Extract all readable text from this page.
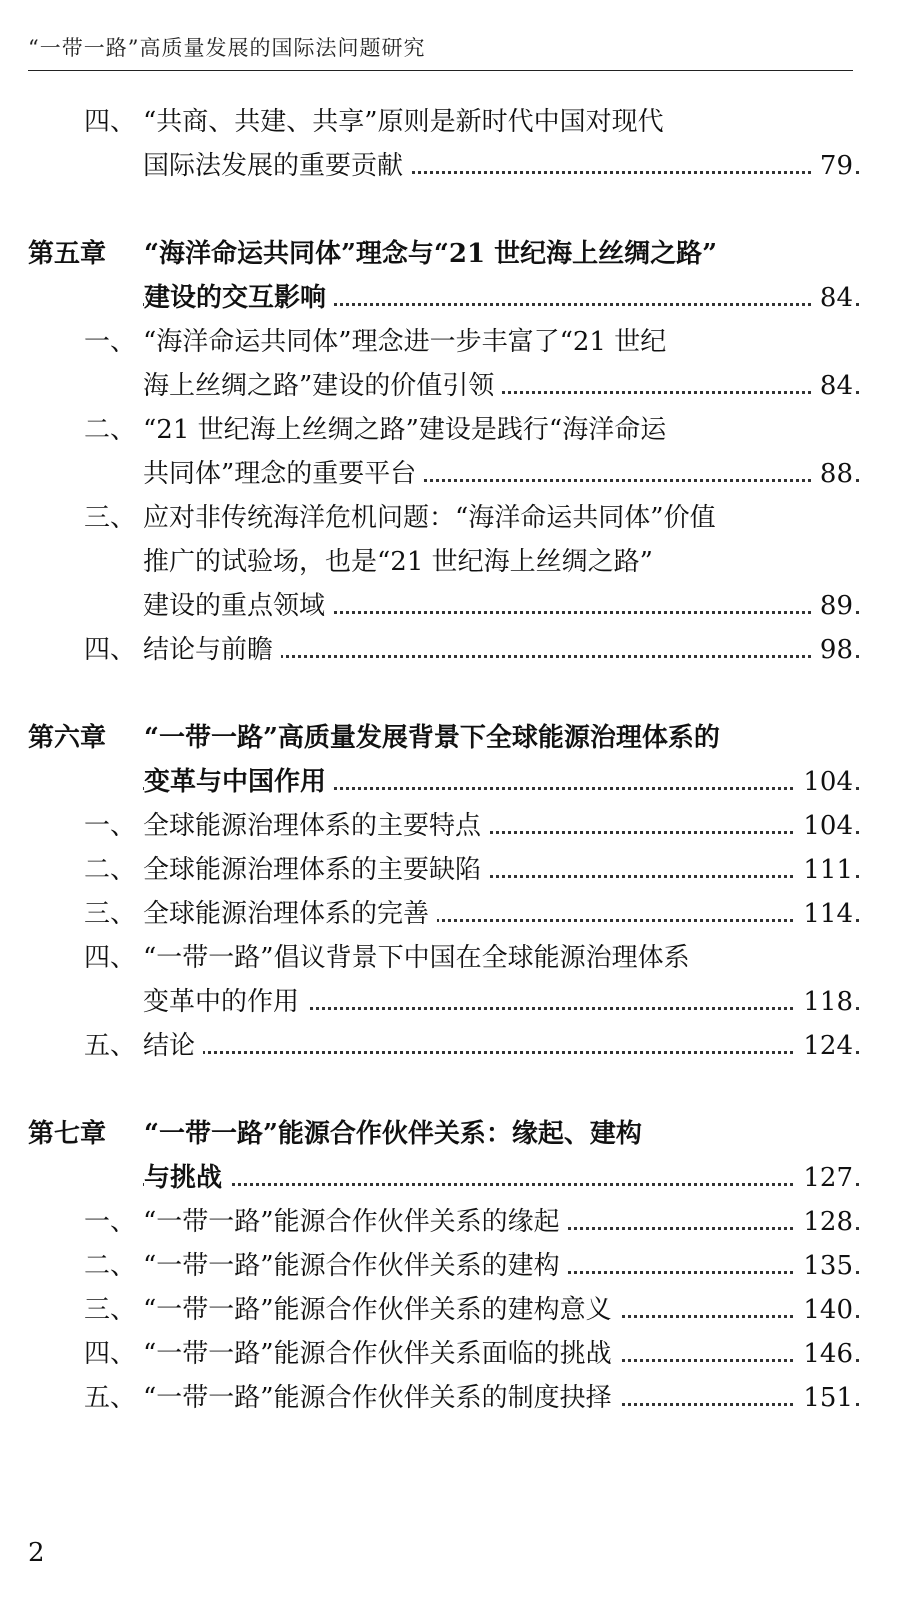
“一带一路”高质量发展的国际法问题研究
四、 “共商、共建、共享”原则是新时代中国对现代
国际法发展的重要贡献	79
第五章	“海洋命运共同体”理念与“21 世纪海上丝绸之路”
建设的交互影响	84
一、 “海洋命运共同体”理念进一步丰富了“21 世纪
海上丝绸之路”建设的价值引领	84
二、 “21 世纪海上丝绸之路”建设是践行“海洋命运
共同体”理念的重要平台	88
三、 应对非传统海洋危机问题：“海洋命运共同体”价值
推广的试验场，也是“21 世纪海上丝绸之路”
建设的重点领域	89
四、 结论与前瞻	98
第六章	“一带一路”高质量发展背景下全球能源治理体系的
变革与中国作用	104
一、 全球能源治理体系的主要特点	104
二、 全球能源治理体系的主要缺陷	111
三、 全球能源治理体系的完善	114
四、 “一带一路”倡议背景下中国在全球能源治理体系
变革中的作用	118
五、 结论	124
第七章	“一带一路”能源合作伙伴关系：缘起、建构
与挑战	127
一、 “一带一路”能源合作伙伴关系的缘起	128
二、 “一带一路”能源合作伙伴关系的建构	135
三、 “一带一路”能源合作伙伴关系的建构意义	140
四、 “一带一路”能源合作伙伴关系面临的挑战	146
五、 “一带一路”能源合作伙伴关系的制度抉择	151
2
